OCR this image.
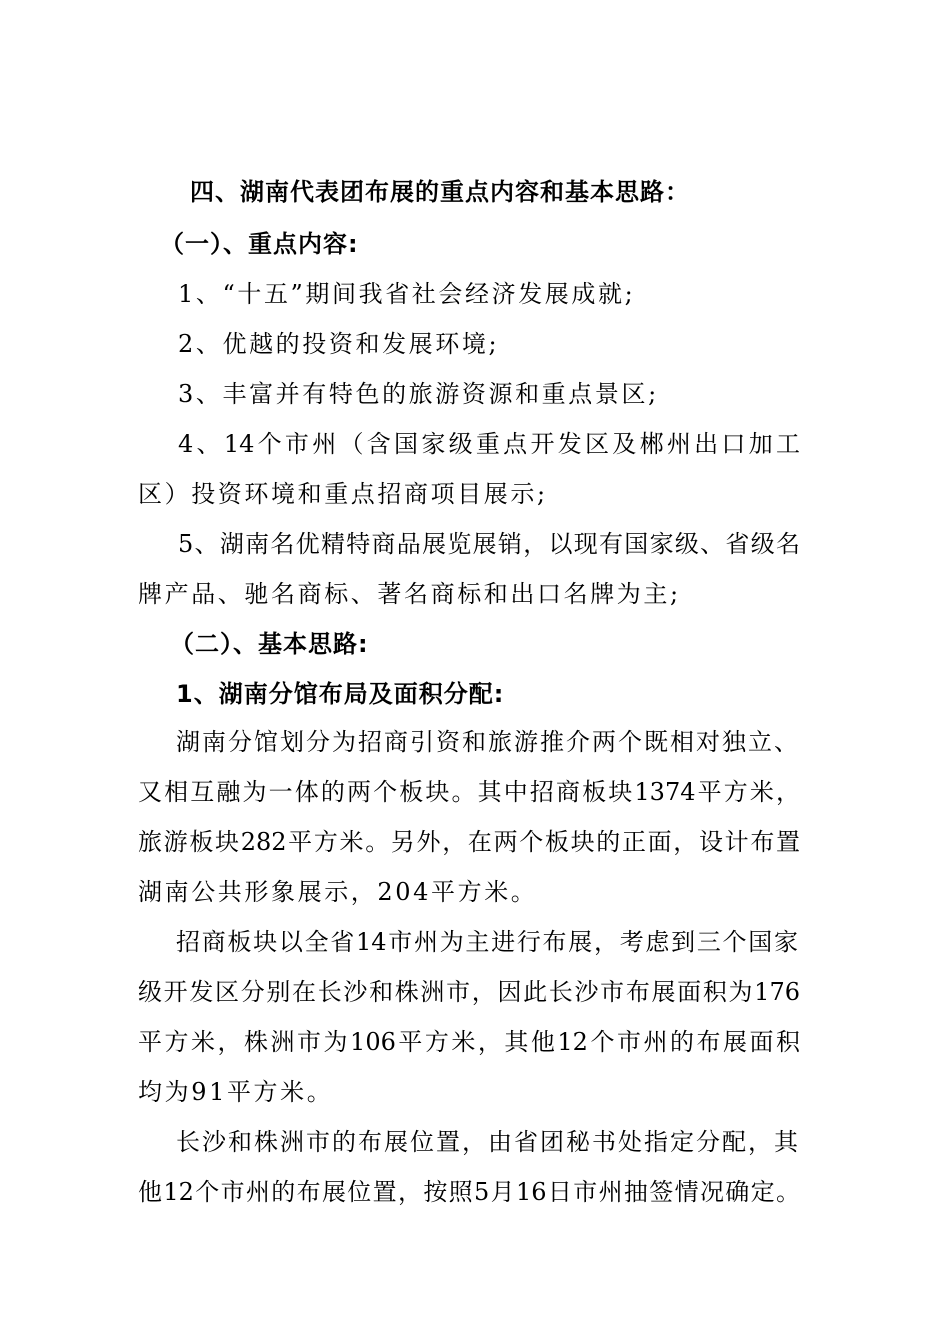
四、湖南代表团布展的重点内容和基本思路：
（一）、重点内容:
1、“十五”期间我省社会经济发展成就;
2、优越的投资和发展环境;
3、丰富并有特色的旅游资源和重点景区;
4、14个市州（含国家级重点开发区及郴州出口加工
区）投资环境和重点招商项目展示;
5、湖南名优精特商品展览展销，以现有国家级、省级名
牌产品、驰名商标、著名商标和出口名牌为主;
（二）、基本思路:
1、湖南分馆布局及面积分配:
湖南分馆划分为招商引资和旅游推介两个既相对独立、
又相互融为一体的两个板块。其中招商板块1374平方米，
旅游板块282平方米。另外，在两个板块的正面，设计布置
湖南公共形象展示，204平方米。
招商板块以全省14市州为主进行布展，考虑到三个国家
级开发区分别在长沙和株洲市，因此长沙市布展面积为176
平方米，株洲市为106平方米，其他12个市州的布展面积
均为91平方米。
长沙和株洲市的布展位置，由省团秘书处指定分配，其
他12个市州的布展位置，按照5月16日市州抽签情况确定。
